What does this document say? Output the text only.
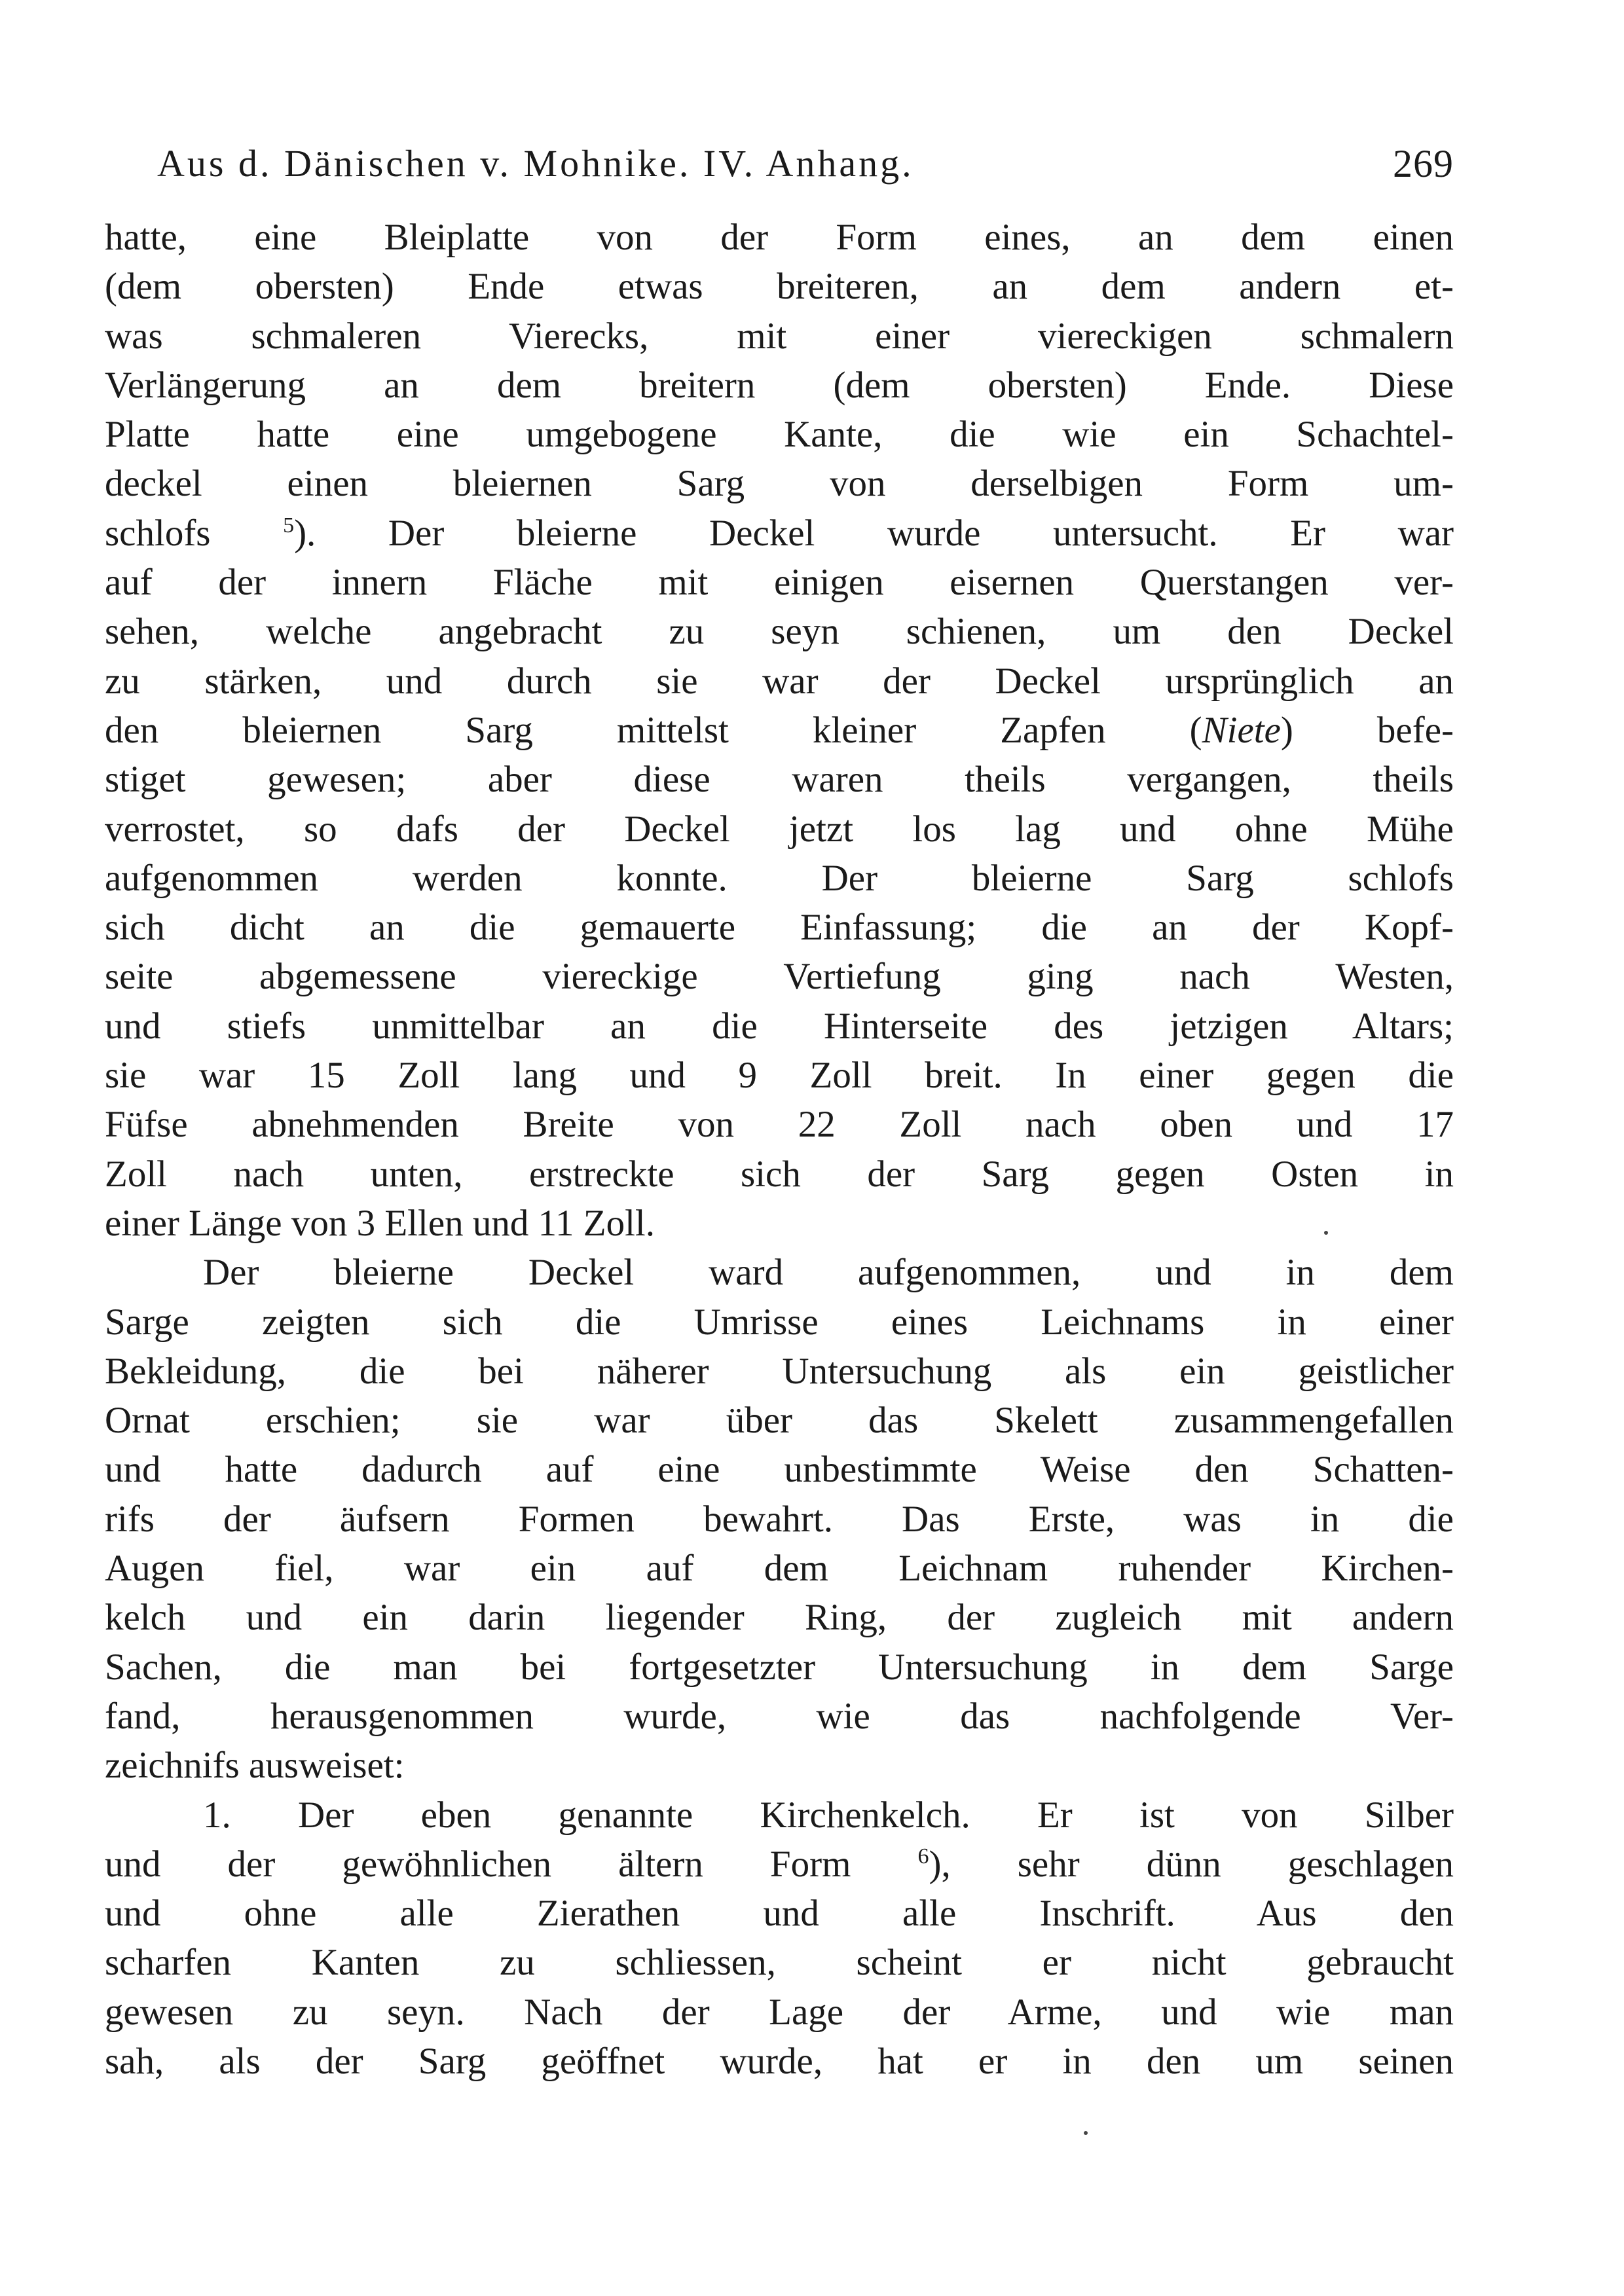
Aus d. Dänischen v. Mohnike. IV. Anhang.	269
hatte, eine Bleiplatte von der Form eines, an dem einen
(dem obersten) Ende etwas breiteren, an dem andern et-
was schmaleren Vierecks, mit einer viereckigen schmalern
Verlängerung an dem breitern (dem obersten) Ende. Diese
Platte hatte eine umgebogene Kante, die wie ein Schachtel-
deckel einen bleiernen Sarg von derselbigen Form um-
schlofs	$^5$). Der bleierne Deckel wurde untersucht. Er war
auf der innern Fläche mit einigen eisernen Querstangen ver-
sehen, welche angebracht zu seyn schienen, um den Deckel
zu stärken, und durch sie war der Deckel ursprünglich an
den bleiernen Sarg mittelst kleiner Zapfen (Niete) befe-
stiget gewesen; aber diese waren theils vergangen, theils
verrostet, so dafs der Deckel jetzt los lag und ohne Mühe
aufgenommen werden konnte. Der bleierne Sarg schlofs
sich dicht an die gemauerte Einfassung; die an der Kopf-
seite abgemessene viereckige Vertiefung ging nach Westen,
und stiefs unmittelbar an die Hinterseite des jetzigen Altars;
sie war 15 Zoll lang und 9 Zoll breit. In einer gegen die
Füfse abnehmenden Breite von 22 Zoll nach oben und 17
Zoll nach unten, erstreckte sich der Sarg gegen Osten in
einer Länge von 3 Ellen und 11 Zoll.
Der bleierne Deckel ward aufgenommen, und in dem
Sarge zeigten sich die Umrisse eines Leichnams in einer
Bekleidung, die bei näherer Untersuchung als ein geistlicher
Ornat erschien; sie war über das Skelett zusammengefallen
und hatte dadurch auf eine unbestimmte Weise den Schatten-
rifs der äufsern Formen bewahrt. Das Erste, was in die
Augen fiel, war ein auf dem Leichnam ruhender Kirchen-
kelch und ein darin liegender Ring, der zugleich mit andern
Sachen, die man bei fortgesetzter Untersuchung in dem Sarge
fand, herausgenommen wurde, wie das nachfolgende Ver-
zeichnifs ausweiset:
1. Der eben genannte Kirchenkelch. Er ist von Silber
und der gewöhnlichen ältern Form	$^6$), sehr dünn geschlagen
und ohne alle Zierathen und alle Inschrift. Aus den
scharfen Kanten zu schliessen, scheint er nicht gebraucht
gewesen zu seyn. Nach der Lage der Arme, und wie man
sah, als der Sarg geöffnet wurde, hat er in den um seinen
